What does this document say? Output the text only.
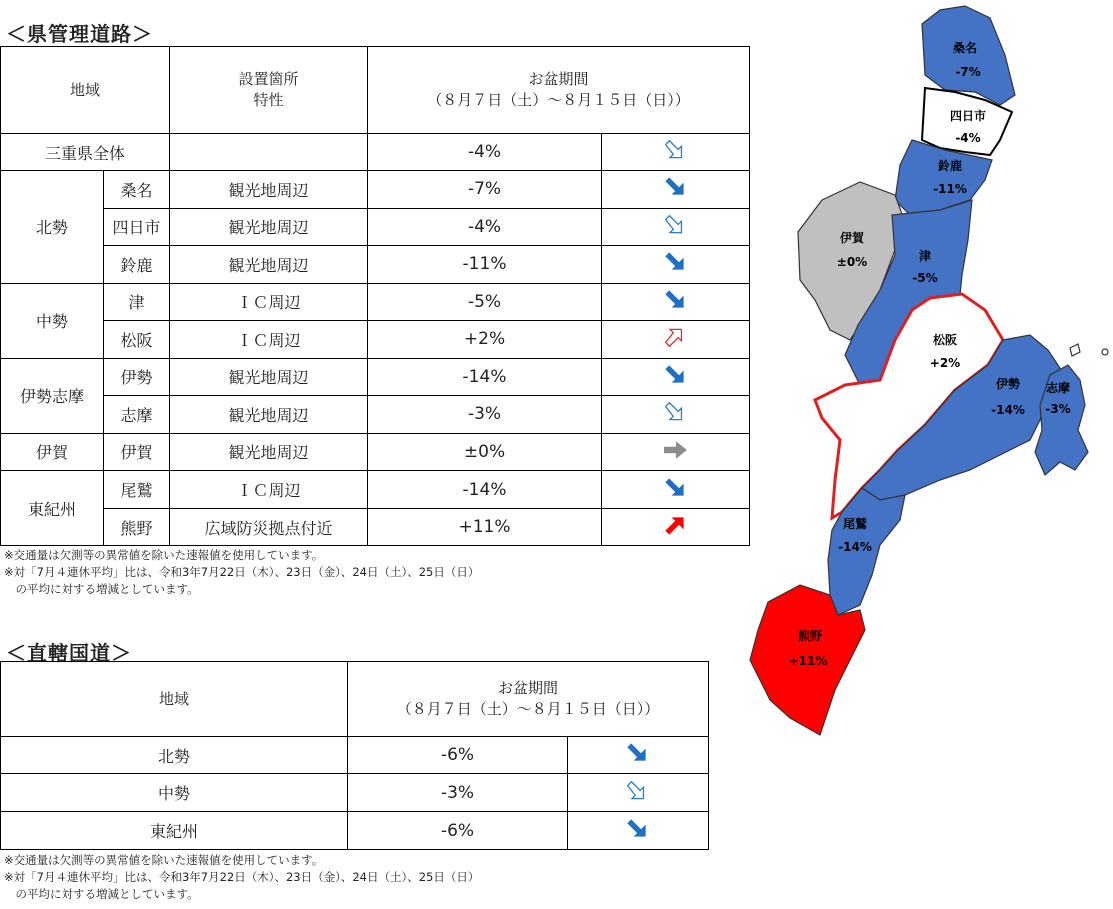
＜県管理道路＞
地域		設置箇所
特性	お盆期間
（８月７日（土）～８月１５日（日））	
三重県全体			-4%	
北勢	桑名	観光地周辺	-7%	
	四日市	観光地周辺	-4%	
	鈴鹿	観光地周辺	-11%	
中勢	津	ＩＣ周辺	-5%	
	松阪	ＩＣ周辺	+2%	
伊勢志摩	伊勢	観光地周辺	-14%	
	志摩	観光地周辺	-3%	
伊賀	伊賀	観光地周辺	±0%	
東紀州	尾鷲	ＩＣ周辺	-14%	
	熊野	広域防災拠点付近	+11%	
※交通量は欠測等の異常値を除いた速報値を使用しています。
※対「7月４連休平均」比は、令和3年7月22日（木）、23日（金）、24日（土）、25日（日）
　の平均に対する増減としています。
＜直轄国道＞
地域	お盆期間
（８月７日（土）～８月１５日（日））	
北勢	-6%	
中勢	-3%	
東紀州	-6%	
※交通量は欠測等の異常値を除いた速報値を使用しています。
※対「7月４連休平均」比は、令和3年7月22日（木）、23日（金）、24日（土）、25日（日）
　の平均に対する増減としています。
桑名
-7%
四日市
-4%
鈴鹿
-11%
伊賀
±0%	津
-5%
松阪
+2%
伊勢
-14%
志摩
-3%
尾鷲
-14%
熊野
+11%
